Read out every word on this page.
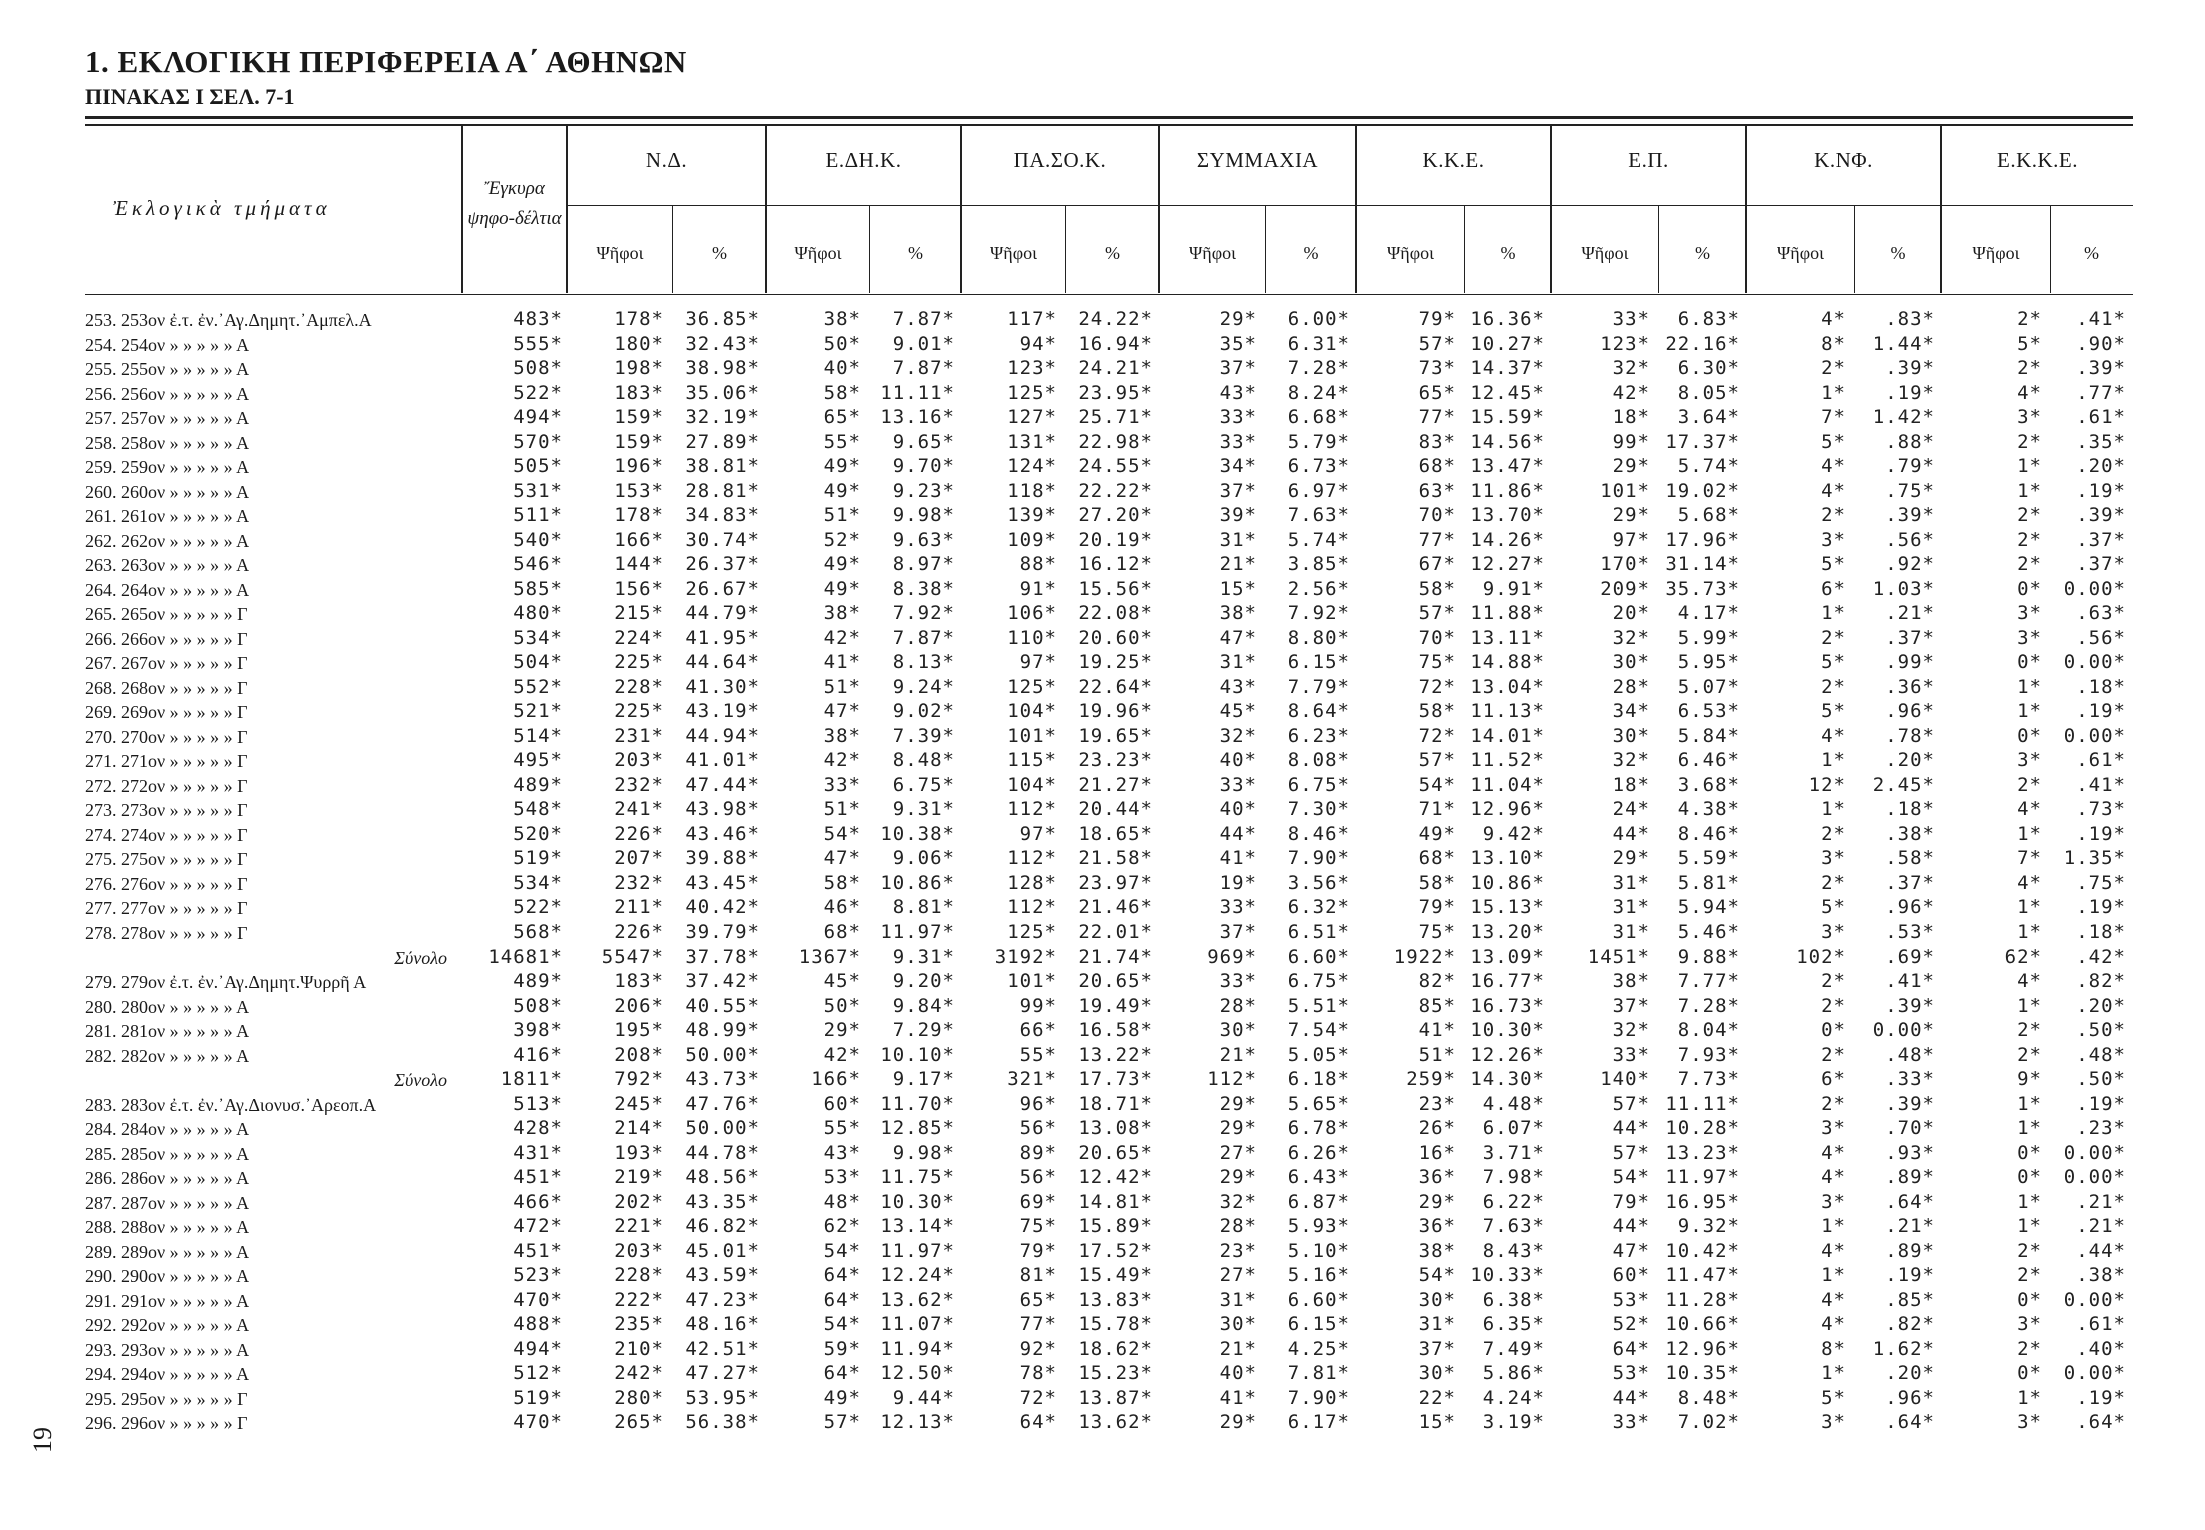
1. ΕΚΛΟΓΙΚΗ ΠΕΡΙΦΕΡΕΙΑ Α΄ ΑΘΗΝΩΝ
ΠΙΝΑΚΑΣ Ι ΣΕΛ. 7-1
Ἐκλογικὰ τμήματα
Ἔγκυρα ψηφο-δέλτια
Ν.Δ.
Ψῆφοι	%
Ε.ΔΗ.Κ.
Ψῆφοι	%
ΠΑ.ΣΟ.Κ.
Ψῆφοι	%
ΣΥΜΜΑΧΙΑ
Ψῆφοι	%
Κ.Κ.Ε.
Ψῆφοι	%
Ε.Π.
Ψῆφοι	%
Κ.ΝΦ.
Ψῆφοι	%
Ε.Κ.Κ.Ε.
Ψῆφοι	%
253. 253ον ἐ.τ. ἐν.᾿Αγ.Δημητ.᾿Αμπελ.Α	483*	178* 36.85*	38* 7.87*	117* 24.22*	29* 6.00*	79* 16.36*	33* 6.83*	4* .83*	2* .41*
254. 254ον » » » » » Α	555*	180* 32.43*	50* 9.01*	94* 16.94*	35* 6.31*	57* 10.27*	123* 22.16*	8* 1.44*	5* .90*
255. 255ον » » » » » Α	508*	198* 38.98*	40* 7.87*	123* 24.21*	37* 7.28*	73* 14.37*	32* 6.30*	2* .39*	2* .39*
256. 256ον » » » » » Α	522*	183* 35.06*	58* 11.11*	125* 23.95*	43* 8.24*	65* 12.45*	42* 8.05*	1* .19*	4* .77*
257. 257ον » » » » » Α	494*	159* 32.19*	65* 13.16*	127* 25.71*	33* 6.68*	77* 15.59*	18* 3.64*	7* 1.42*	3* .61*
258. 258ον » » » » » Α	570*	159* 27.89*	55* 9.65*	131* 22.98*	33* 5.79*	83* 14.56*	99* 17.37*	5* .88*	2* .35*
259. 259ον » » » » » Α	505*	196* 38.81*	49* 9.70*	124* 24.55*	34* 6.73*	68* 13.47*	29* 5.74*	4* .79*	1* .20*
260. 260ον » » » » » Α	531*	153* 28.81*	49* 9.23*	118* 22.22*	37* 6.97*	63* 11.86*	101* 19.02*	4* .75*	1* .19*
261. 261ον » » » » » Α	511*	178* 34.83*	51* 9.98*	139* 27.20*	39* 7.63*	70* 13.70*	29* 5.68*	2* .39*	2* .39*
262. 262ον » » » » » Α	540*	166* 30.74*	52* 9.63*	109* 20.19*	31* 5.74*	77* 14.26*	97* 17.96*	3* .56*	2* .37*
263. 263ον » » » » » Α	546*	144* 26.37*	49* 8.97*	88* 16.12*	21* 3.85*	67* 12.27*	170* 31.14*	5* .92*	2* .37*
264. 264ον » » » » » Α	585*	156* 26.67*	49* 8.38*	91* 15.56*	15* 2.56*	58* 9.91*	209* 35.73*	6* 1.03*	0* 0.00*
265. 265ον » » » » » Γ	480*	215* 44.79*	38* 7.92*	106* 22.08*	38* 7.92*	57* 11.88*	20* 4.17*	1* .21*	3* .63*
266. 266ον » » » » » Γ	534*	224* 41.95*	42* 7.87*	110* 20.60*	47* 8.80*	70* 13.11*	32* 5.99*	2* .37*	3* .56*
267. 267ον » » » » » Γ	504*	225* 44.64*	41* 8.13*	97* 19.25*	31* 6.15*	75* 14.88*	30* 5.95*	5* .99*	0* 0.00*
268. 268ον » » » » » Γ	552*	228* 41.30*	51* 9.24*	125* 22.64*	43* 7.79*	72* 13.04*	28* 5.07*	2* .36*	1* .18*
269. 269ον » » » » » Γ	521*	225* 43.19*	47* 9.02*	104* 19.96*	45* 8.64*	58* 11.13*	34* 6.53*	5* .96*	1* .19*
270. 270ον » » » » » Γ	514*	231* 44.94*	38* 7.39*	101* 19.65*	32* 6.23*	72* 14.01*	30* 5.84*	4* .78*	0* 0.00*
271. 271ον » » » » » Γ	495*	203* 41.01*	42* 8.48*	115* 23.23*	40* 8.08*	57* 11.52*	32* 6.46*	1* .20*	3* .61*
272. 272ον » » » » » Γ	489*	232* 47.44*	33* 6.75*	104* 21.27*	33* 6.75*	54* 11.04*	18* 3.68*	12* 2.45*	2* .41*
273. 273ον » » » » » Γ	548*	241* 43.98*	51* 9.31*	112* 20.44*	40* 7.30*	71* 12.96*	24* 4.38*	1* .18*	4* .73*
274. 274ον » » » » » Γ	520*	226* 43.46*	54* 10.38*	97* 18.65*	44* 8.46*	49* 9.42*	44* 8.46*	2* .38*	1* .19*
275. 275ον » » » » » Γ	519*	207* 39.88*	47* 9.06*	112* 21.58*	41* 7.90*	68* 13.10*	29* 5.59*	3* .58*	7* 1.35*
276. 276ον » » » » » Γ	534*	232* 43.45*	58* 10.86*	128* 23.97*	19* 3.56*	58* 10.86*	31* 5.81*	2* .37*	4* .75*
277. 277ον » » » » » Γ	522*	211* 40.42*	46* 8.81*	112* 21.46*	33* 6.32*	79* 15.13*	31* 5.94*	5* .96*	1* .19*
278. 278ον » » » » » Γ	568*	226* 39.79*	68* 11.97*	125* 22.01*	37* 6.51*	75* 13.20*	31* 5.46*	3* .53*	1* .18*
Σύνολο	14681* 5547* 37.78* 1367* 9.31* 3192* 21.74*	969* 6.60* 1922* 13.09* 1451* 9.88*	102* .69*	62* .42*
279. 279ον ἐ.τ. ἐν.᾿Αγ.Δημητ.Ψυρρῆ Α	489*	183* 37.42*	45* 9.20*	101* 20.65*	33* 6.75*	82* 16.77*	38* 7.77*	2* .41*	4* .82*
280. 280ον » » » » » Α	508*	206* 40.55*	50* 9.84*	99* 19.49*	28* 5.51*	85* 16.73*	37* 7.28*	2* .39*	1* .20*
281. 281ον » » » » » Α	398*	195* 48.99*	29* 7.29*	66* 16.58*	30* 7.54*	41* 10.30*	32* 8.04*	0* 0.00*	2* .50*
282. 282ον » » » » » Α	416*	208* 50.00*	42* 10.10*	55* 13.22*	21* 5.05*	51* 12.26*	33* 7.93*	2* .48*	2* .48*
Σύνολο	1811*	792* 43.73*	166* 9.17*	321* 17.73*	112* 6.18*	259* 14.30*	140* 7.73*	6* .33*	9* .50*
283. 283ον ἐ.τ. ἐν.᾿Αγ.Διονυσ.᾿Αρεοπ.Α	513*	245* 47.76*	60* 11.70*	96* 18.71*	29* 5.65*	23* 4.48*	57* 11.11*	2* .39*	1* .19*
284. 284ον » » » » » Α	428*	214* 50.00*	55* 12.85*	56* 13.08*	29* 6.78*	26* 6.07*	44* 10.28*	3* .70*	1* .23*
285. 285ον » » » » » Α	431*	193* 44.78*	43* 9.98*	89* 20.65*	27* 6.26*	16* 3.71*	57* 13.23*	4* .93*	0* 0.00*
286. 286ον » » » » » Α	451*	219* 48.56*	53* 11.75*	56* 12.42*	29* 6.43*	36* 7.98*	54* 11.97*	4* .89*	0* 0.00*
287. 287ον » » » » » Α	466*	202* 43.35*	48* 10.30*	69* 14.81*	32* 6.87*	29* 6.22*	79* 16.95*	3* .64*	1* .21*
288. 288ον » » » » » Α	472*	221* 46.82*	62* 13.14*	75* 15.89*	28* 5.93*	36* 7.63*	44* 9.32*	1* .21*	1* .21*
289. 289ον » » » » » Α	451*	203* 45.01*	54* 11.97*	79* 17.52*	23* 5.10*	38* 8.43*	47* 10.42*	4* .89*	2* .44*
290. 290ον » » » » » Α	523*	228* 43.59*	64* 12.24*	81* 15.49*	27* 5.16*	54* 10.33*	60* 11.47*	1* .19*	2* .38*
291. 291ον » » » » » Α	470*	222* 47.23*	64* 13.62*	65* 13.83*	31* 6.60*	30* 6.38*	53* 11.28*	4* .85*	0* 0.00*
292. 292ον » » » » » Α	488*	235* 48.16*	54* 11.07*	77* 15.78*	30* 6.15*	31* 6.35*	52* 10.66*	4* .82*	3* .61*
293. 293ον » » » » » Α	494*	210* 42.51*	59* 11.94*	92* 18.62*	21* 4.25*	37* 7.49*	64* 12.96*	8* 1.62*	2* .40*
294. 294ον » » » » » Α	512*	242* 47.27*	64* 12.50*	78* 15.23*	40* 7.81*	30* 5.86*	53* 10.35*	1* .20*	0* 0.00*
295. 295ον » » » » » Γ	519*	280* 53.95*	49* 9.44*	72* 13.87*	41* 7.90*	22* 4.24*	44* 8.48*	5* .96*	1* .19*
296. 296ον » » » » » Γ	470*	265* 56.38*	57* 12.13*	64* 13.62*	29* 6.17*	15* 3.19*	33* 7.02*	3* .64*	3* .64*
19
